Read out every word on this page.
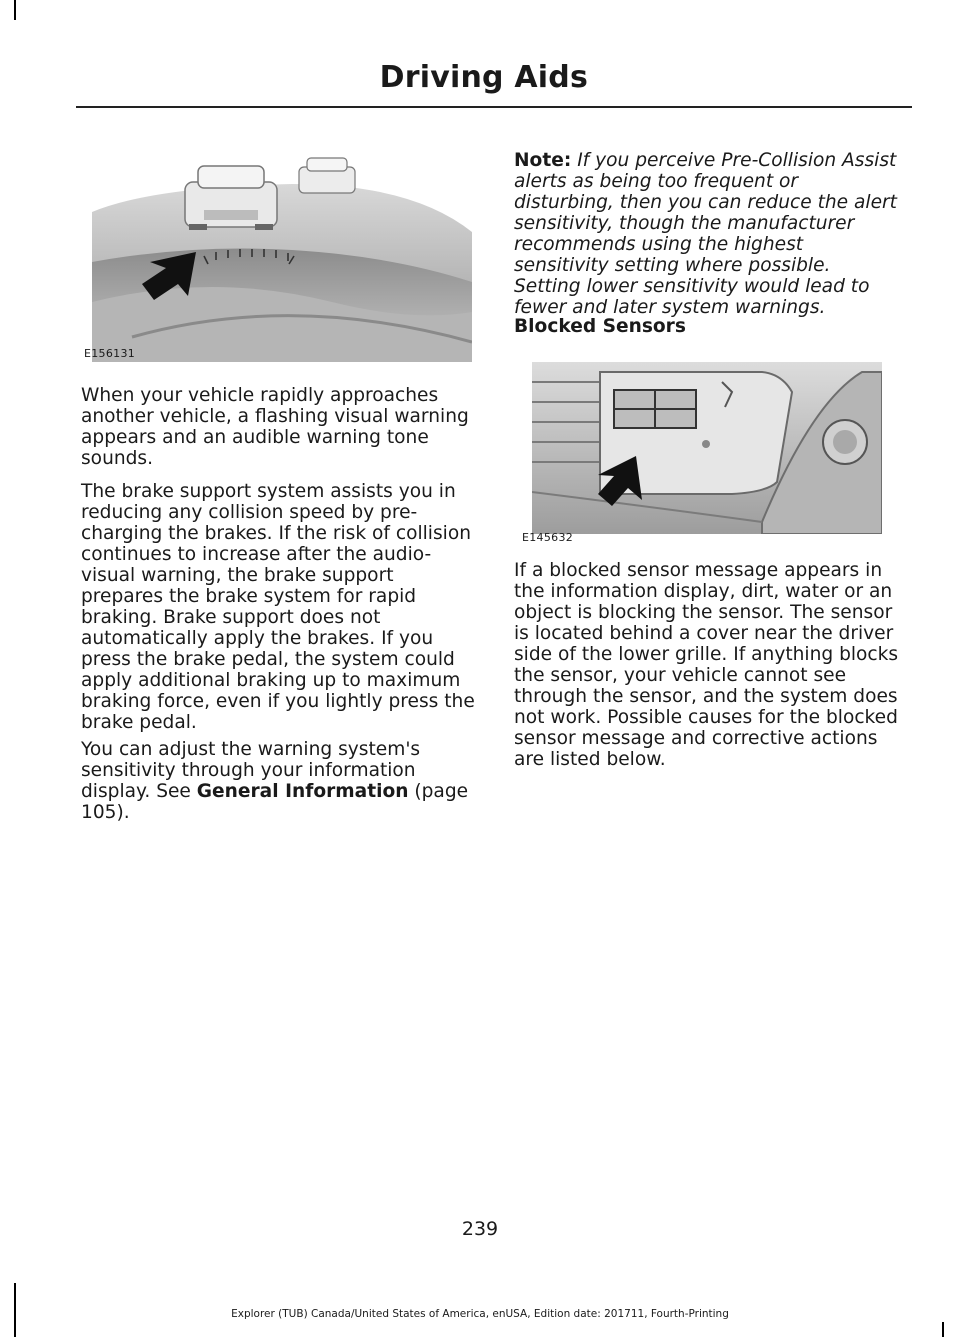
Driving Aids
E156131

When your vehicle rapidly approaches another vehicle, a flashing visual warning appears and an audible warning tone sounds.

The brake support system assists you in reducing any collision speed by pre-charging the brakes. If the risk of collision continues to increase after the audio-visual warning, the brake support prepares the brake system for rapid braking. Brake support does not automatically apply the brakes. If you press the brake pedal, the system could apply additional braking up to maximum braking force, even if you lightly press the brake pedal.

You can adjust the warning system's sensitivity through your information display. See General Information (page 105).

Note: If you perceive Pre-Collision Assist alerts as being too frequent or disturbing, then you can reduce the alert sensitivity, though the manufacturer recommends using the highest sensitivity setting where possible. Setting lower sensitivity would lead to fewer and later system warnings.

Blocked Sensors
E145632

If a blocked sensor message appears in the information display, dirt, water or an object is blocking the sensor. The sensor is located behind a cover near the driver side of the lower grille. If anything blocks the sensor, your vehicle cannot see through the sensor, and the system does not work. Possible causes for the blocked sensor message and corrective actions are listed below.

239

Explorer (TUB) Canada/United States of America, enUSA, Edition date: 201711, Fourth-Printing
